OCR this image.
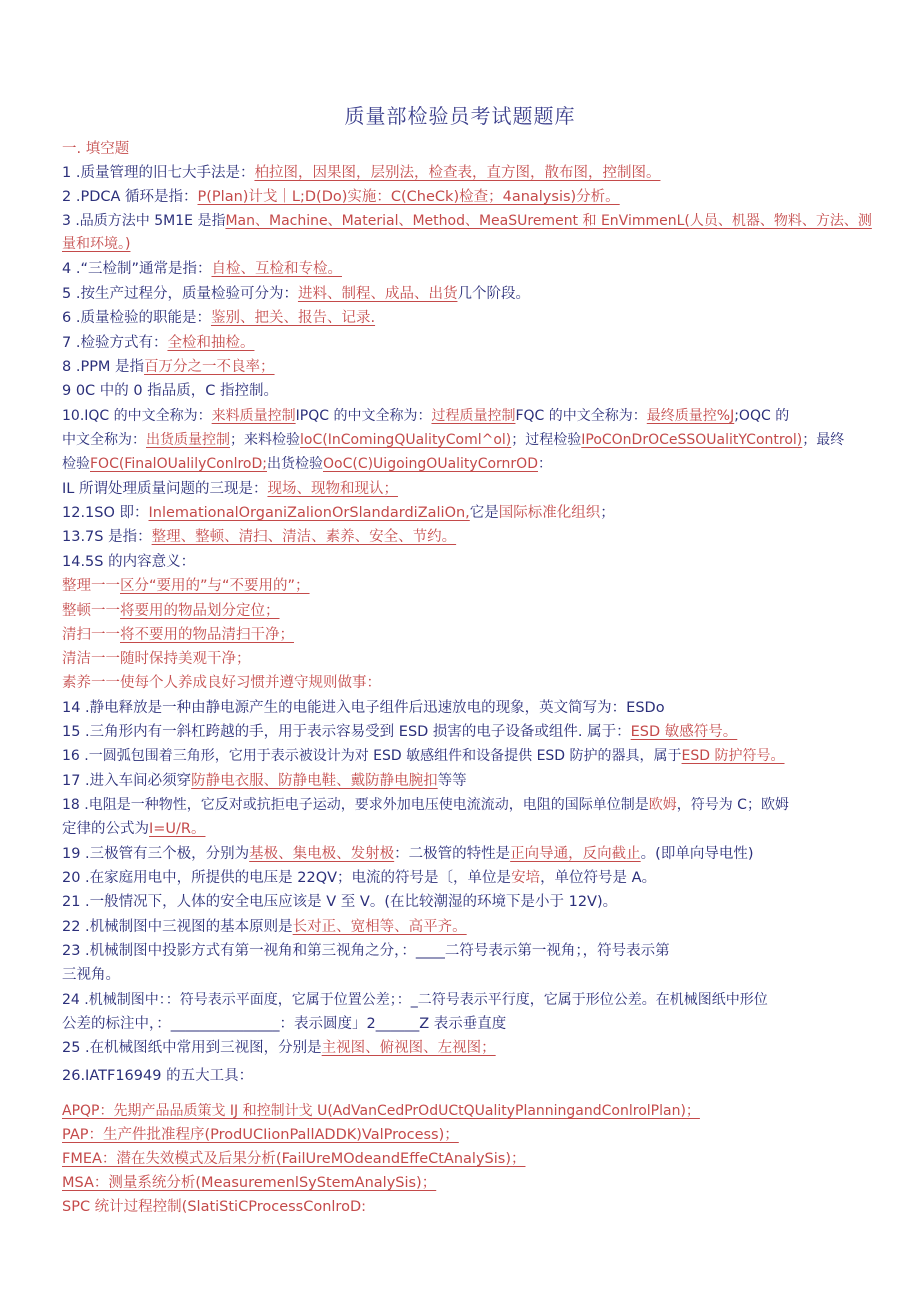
质量部检验员考试题题库
一. 填空题
1 .质量管理的旧七大手法是：柏拉图，因果图，层别法，检查表，直方图，散布图，控制图。
2 .PDCA 循环是指：P(Plan)计戈｜L;D(Do)实施：C(CheCk)检查；4analysis)分析。
3 .品质方法中 5M1E 是指Man、Machine、Material、Method、MeaSUrement 和 EnVimmenL(人员、机器、物料、方法、测量和环境。)
4 .“三检制”通常是指：自检、互检和专检。
5 .按生产过程分，质量检验可分为：进料、制程、成品、出货几个阶段。
6 .质量检验的职能是：鉴别、把关、报告、记录.
7 .检验方式有：全检和抽检。
8 .PPM 是指百万分之一不良率；
9 0C 中的 0 指品质，C 指控制。
10.IQC 的中文全称为：来料质量控制IPQC 的中文全称为：过程质量控制FQC 的中文全称为：最终质量控%J;OQC 的
中文全称为：出货质量控制；来料检验loC(InComingQUalityComl^ol)；过程检验IPoCOnDrOCeSSOUalitYControl)；最终
检验FOC(FinalOUalilyConlroD;出货检验OoC(C)UigoingOUalityCornrOD：
IL 所谓处理质量问题的三现是：现场、现物和现认；
12.1SO 即：InlemationalOrganiZalionOrSlandardiZaliOn,它是国际标准化组织；
13.7S 是指：整理、整顿、清扫、清洁、素养、安全、节约。
14.5S 的内容意义：
整理一一区分“要用的”与“不要用的”；
整顿一一将要用的物品划分定位；
清扫一一将不要用的物品清扫干净；
清洁一一随时保持美观干净；
素养一一使每个人养成良好习惯并遵守规则做事：
14 .静电释放是一种由静电源产生的电能进入电子组件后迅速放电的现象，英文简写为：ESDo
15 .三角形内有一斜杠跨越的手，用于表示容易受到 ESD 损害的电子设备或组件. 属于：ESD 敏感符号。
16 .一圆弧包围着三角形，它用于表示被设计为对 ESD 敏感组件和设备提供 ESD 防护的器具，属于ESD 防护符号。
17 .进入车间必须穿防静电衣服、防静电鞋、戴防静电腕扣等等
18 .电阻是一种物性，它反对或抗拒电子运动，要求外加电压使电流流动，电阻的国际单位制是欧姆，符号为 C；欧姆
定律的公式为I=U/R。
19 .三极管有三个极，分别为基极、集电极、发射极：二极管的特性是正向导通，反向截止。(即单向导电性)
20 .在家庭用电中，所提供的电压是 22QV；电流的符号是〔，单位是安培，单位符号是 A。
21 .一般情况下，人体的安全电压应该是 V 至 V。(在比较潮湿的环境下是小于 12V)。
22 .机械制图中三视图的基本原则是长对正、宽相等、高平齐。
23 .机械制图中投影方式有第一视角和第三视角之分，：____二符号表示第一视角；，符号表示第
三视角。
24 .机械制图中：：符号表示平面度，它属于位置公差；：_二符号表示平行度，它属于形位公差。在机械图纸中形位
公差的标注中，：_______________：表示圆度」2______Z 表示垂直度
25 .在机械图纸中常用到三视图，分别是主视图、俯视图、左视图；
26.IATF16949 的五大工具：
APQP：先期产品品质策戈 IJ 和控制计戈 U(AdVanCedPrOdUCtQUalityPlanningandConlrolPlan)；
PAP：生产件批准程序(ProdUCIionPallADDK)ValProcess)；
FMEA：潜在失效模式及后果分析(FailUreMOdeandEffeCtAnalySis)；
MSA：测量系统分析(MeasuremenlSyStemAnalySis)；
SPC 统计过程控制(SlatiStiCProcessConlroD:
